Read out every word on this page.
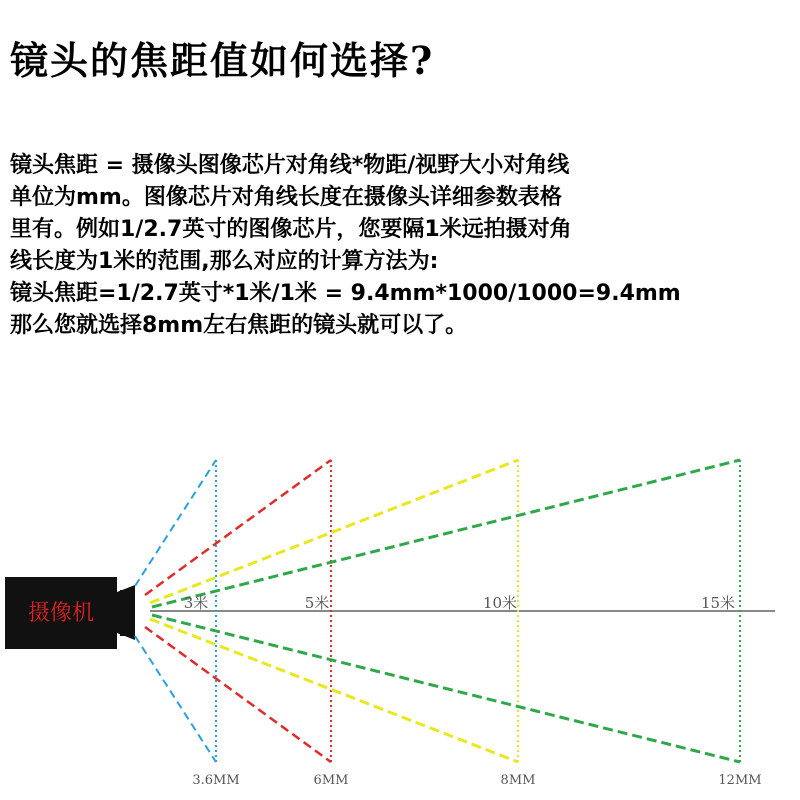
镜头的焦距值如何选择?
镜头焦距 = 摄像头图像芯片对角线*物距/视野大小对角线
单位为mm。图像芯片对角线长度在摄像头详细参数表格
里有。例如1/2.7英寸的图像芯片，您要隔1米远拍摄对角
线长度为1米的范围,那么对应的计算方法为:
镜头焦距=1/2.7英寸*1米/1米 = 9.4mm*1000/1000=9.4mm
那么您就选择8mm左右焦距的镜头就可以了。
摄像机	3米	5米	10米	15米
3.6MM	6MM	8MM	12MM
